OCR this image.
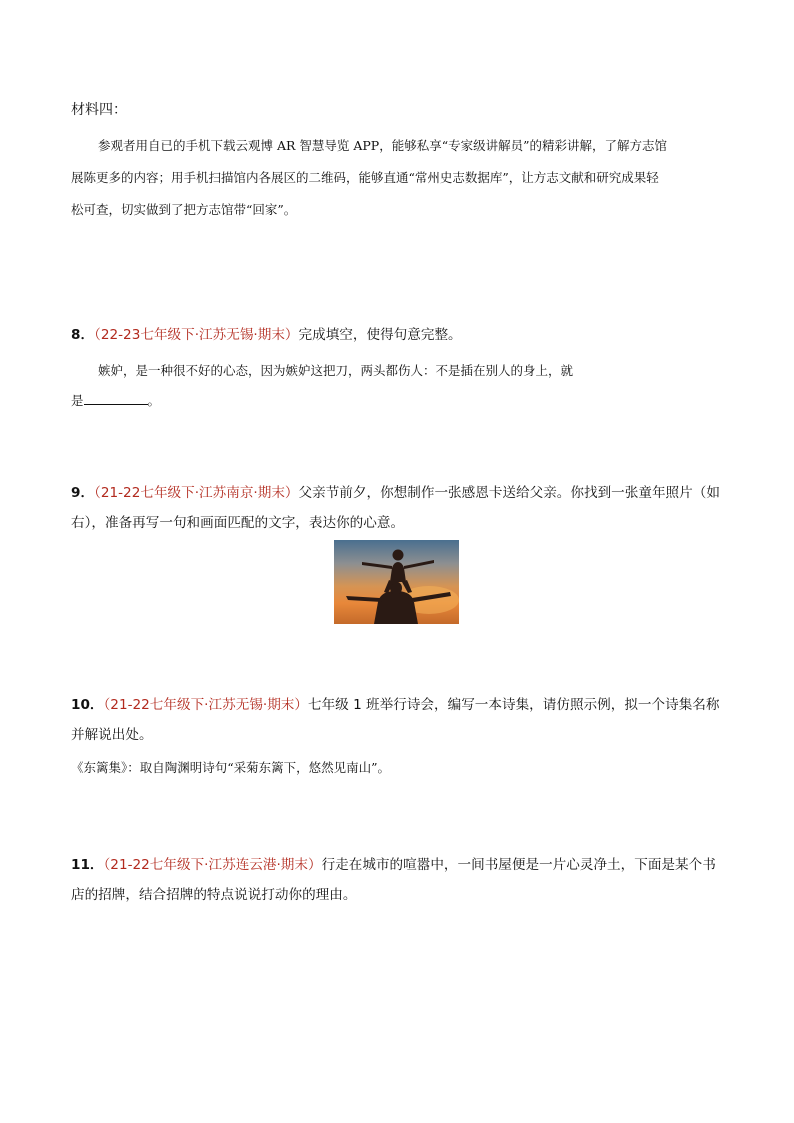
材料四：
参观者用自已的手机下载云观博 AR 智慧导览 APP，能够私享“专家级讲解员”的精彩讲解，了解方志馆
展陈更多的内容；用手机扫描馆内各展区的二维码，能够直通“常州史志数据库”，让方志文献和研究成果轻
松可查，切实做到了把方志馆带“回家”。
8．（22-23七年级下·江苏无锡·期末）完成填空，使得句意完整。
嫉妒，是一种很不好的心态，因为嫉妒这把刀，两头都伤人：不是插在别人的身上，就
是	。
9．（21-22七年级下·江苏南京·期末）父亲节前夕，你想制作一张感恩卡送给父亲。你找到一张童年照片（如
右），准备再写一句和画面匹配的文字，表达你的心意。
10．（21-22七年级下·江苏无锡·期末）七年级 1 班举行诗会，编写一本诗集，请仿照示例，拟一个诗集名称
并解说出处。
《东篱集》：取自陶渊明诗句“采菊东篱下，悠然见南山”。
11．（21-22七年级下·江苏连云港·期末）行走在城市的喧嚣中，一间书屋便是一片心灵净土，下面是某个书
店的招牌，结合招牌的特点说说打动你的理由。
